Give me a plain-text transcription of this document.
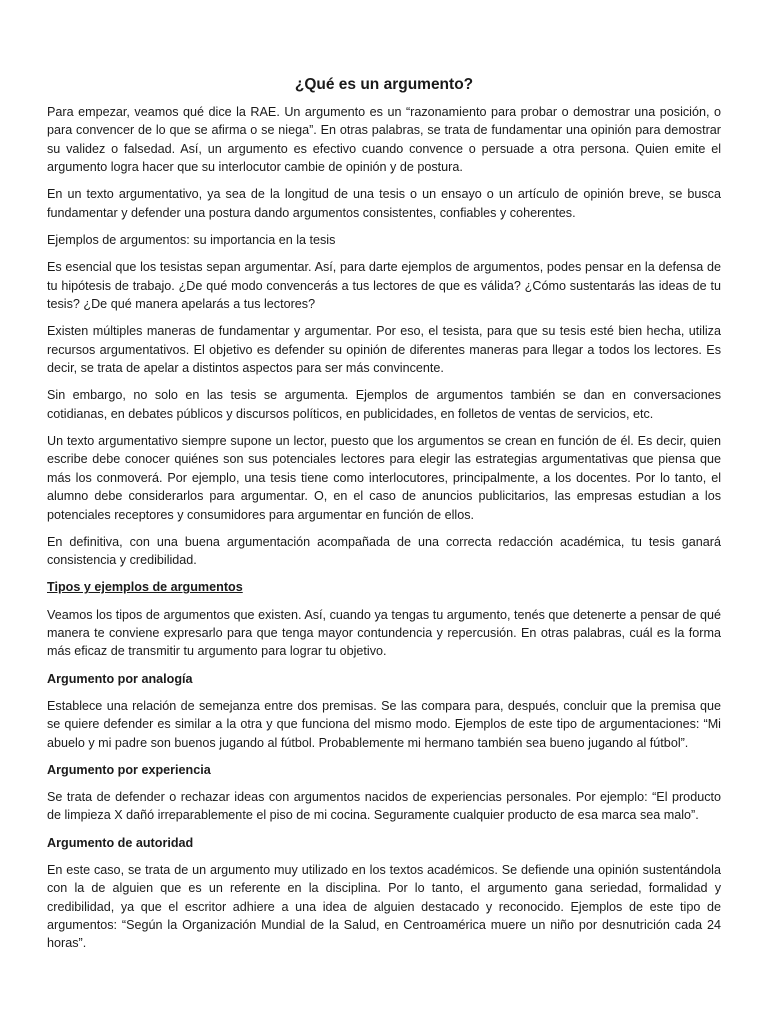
¿Qué es un argumento?

Para empezar, veamos qué dice la RAE. Un argumento es un “razonamiento para probar o demostrar una posición, o para convencer de lo que se afirma o se niega”. En otras palabras, se trata de fundamentar una opinión para demostrar su validez o falsedad. Así, un argumento es efectivo cuando convence o persuade a otra persona. Quien emite el argumento logra hacer que su interlocutor cambie de opinión y de postura.

En un texto argumentativo, ya sea de la longitud de una tesis o un ensayo o un artículo de opinión breve, se busca fundamentar y defender una postura dando argumentos consistentes, confiables y coherentes.

Ejemplos de argumentos: su importancia en la tesis

Es esencial que los tesistas sepan argumentar. Así, para darte ejemplos de argumentos, podes pensar en la defensa de tu hipótesis de trabajo. ¿De qué modo convencerás a tus lectores de que es válida? ¿Cómo sustentarás las ideas de tu tesis? ¿De qué manera apelarás a tus lectores?

Existen múltiples maneras de fundamentar y argumentar. Por eso, el tesista, para que su tesis esté bien hecha, utiliza recursos argumentativos. El objetivo es defender su opinión de diferentes maneras para llegar a todos los lectores. Es decir, se trata de apelar a distintos aspectos para ser más convincente.

Sin embargo, no solo en las tesis se argumenta. Ejemplos de argumentos también se dan en conversaciones cotidianas, en debates públicos y discursos políticos, en publicidades, en folletos de ventas de servicios, etc.

Un texto argumentativo siempre supone un lector, puesto que los argumentos se crean en función de él. Es decir, quien escribe debe conocer quiénes son sus potenciales lectores para elegir las estrategias argumentativas que piensa que más los conmoverá. Por ejemplo, una tesis tiene como interlocutores, principalmente, a los docentes. Por lo tanto, el alumno debe considerarlos para argumentar. O, en el caso de anuncios publicitarios, las empresas estudian a los potenciales receptores y consumidores para argumentar en función de ellos.

En definitiva, con una buena argumentación acompañada de una correcta redacción académica, tu tesis ganará consistencia y credibilidad.

Tipos y ejemplos de argumentos

Veamos los tipos de argumentos que existen. Así, cuando ya tengas tu argumento, tenés que detenerte a pensar de qué manera te conviene expresarlo para que tenga mayor contundencia y repercusión. En otras palabras, cuál es la forma más eficaz de transmitir tu argumento para lograr tu objetivo.

Argumento por analogía

Establece una relación de semejanza entre dos premisas. Se las compara para, después, concluir que la premisa que se quiere defender es similar a la otra y que funciona del mismo modo. Ejemplos de este tipo de argumentaciones: “Mi abuelo y mi padre son buenos jugando al fútbol. Probablemente mi hermano también sea bueno jugando al fútbol”.

Argumento por experiencia

Se trata de defender o rechazar ideas con argumentos nacidos de experiencias personales. Por ejemplo: “El producto de limpieza X dañó irreparablemente el piso de mi cocina. Seguramente cualquier producto de esa marca sea malo”.

Argumento de autoridad

En este caso, se trata de un argumento muy utilizado en los textos académicos. Se defiende una opinión sustentándola con la de alguien que es un referente en la disciplina. Por lo tanto, el argumento gana seriedad, formalidad y credibilidad, ya que el escritor adhiere a una idea de alguien destacado y reconocido. Ejemplos de este tipo de argumentos: “Según la Organización Mundial de la Salud, en Centroamérica muere un niño por desnutrición cada 24 horas”.
